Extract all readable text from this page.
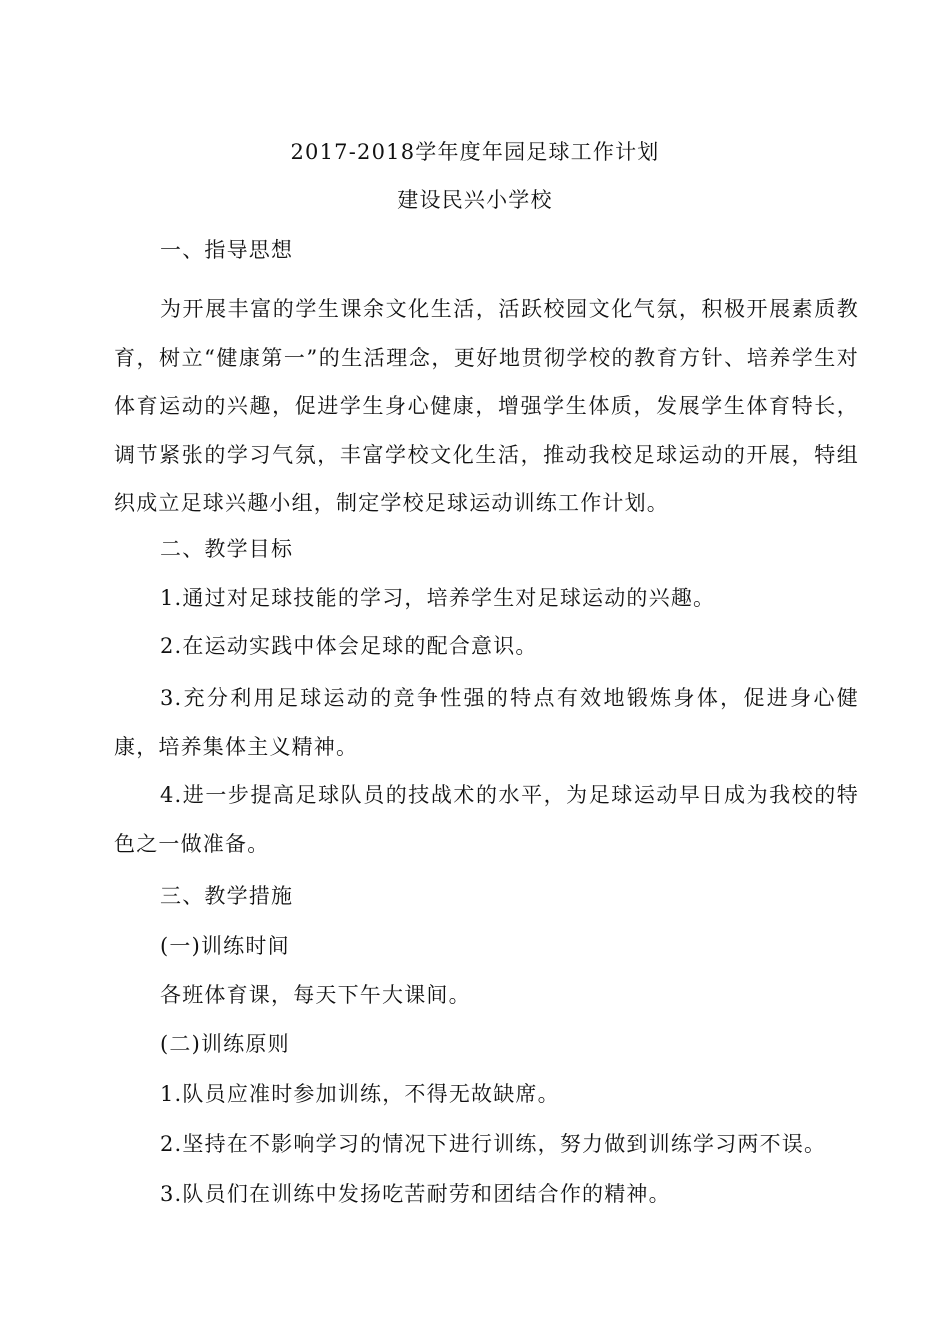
2017-2018学年度年园足球工作计划
建设民兴小学校
一、指导思想
为开展丰富的学生课余文化生活，活跃校园文化气氛，积极开展素质教育，树立“健康第一”的生活理念，更好地贯彻学校的教育方针、培养学生对体育运动的兴趣，促进学生身心健康，增强学生体质，发展学生体育特长，调节紧张的学习气氛，丰富学校文化生活，推动我校足球运动的开展，特组织成立足球兴趣小组，制定学校足球运动训练工作计划。
二、教学目标
1.通过对足球技能的学习，培养学生对足球运动的兴趣。
2.在运动实践中体会足球的配合意识。
3.充分利用足球运动的竞争性强的特点有效地锻炼身体，促进身心健康，培养集体主义精神。
4.进一步提高足球队员的技战术的水平，为足球运动早日成为我校的特色之一做准备。
三、教学措施
(一)训练时间
各班体育课，每天下午大课间。
(二)训练原则
1.队员应准时参加训练，不得无故缺席。
2.坚持在不影响学习的情况下进行训练，努力做到训练学习两不误。
3.队员们在训练中发扬吃苦耐劳和团结合作的精神。
